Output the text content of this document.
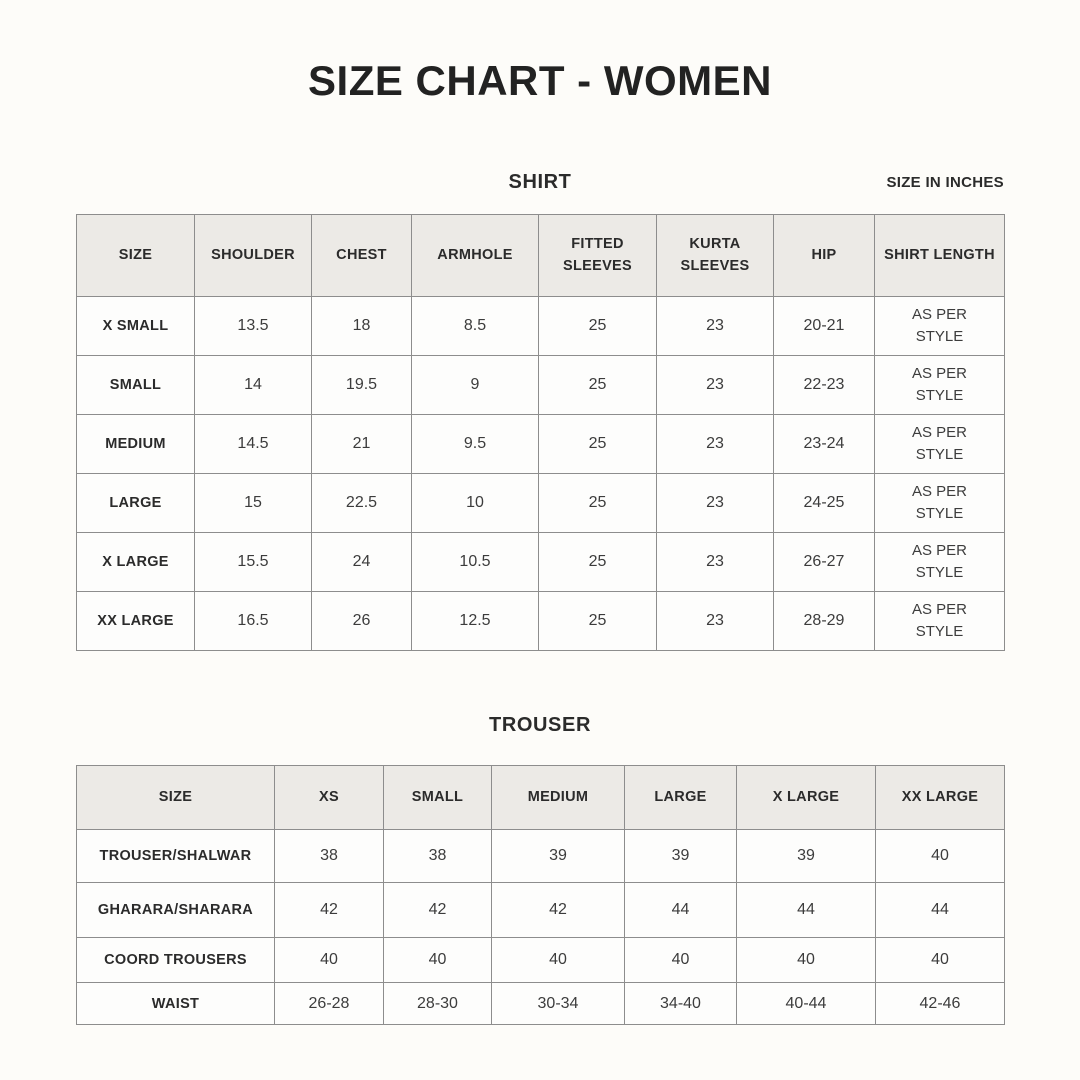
SIZE CHART - WOMEN
SHIRT	SIZE IN INCHES
SIZE	SHOULDER	CHEST	ARMHOLE	FITTED SLEEVES	KURTA SLEEVES	HIP	SHIRT LENGTH
X SMALL	13.5	18	8.5	25	23	20-21	AS PER STYLE
SMALL	14	19.5	9	25	23	22-23	AS PER STYLE
MEDIUM	14.5	21	9.5	25	23	23-24	AS PER STYLE
LARGE	15	22.5	10	25	23	24-25	AS PER STYLE
X LARGE	15.5	24	10.5	25	23	26-27	AS PER STYLE
XX LARGE	16.5	26	12.5	25	23	28-29	AS PER STYLE
TROUSER
SIZE	XS	SMALL	MEDIUM	LARGE	X LARGE	XX LARGE
TROUSER/SHALWAR	38	38	39	39	39	40
GHARARA/SHARARA	42	42	42	44	44	44
COORD TROUSERS	40	40	40	40	40	40
WAIST	26-28	28-30	30-34	34-40	40-44	42-46
